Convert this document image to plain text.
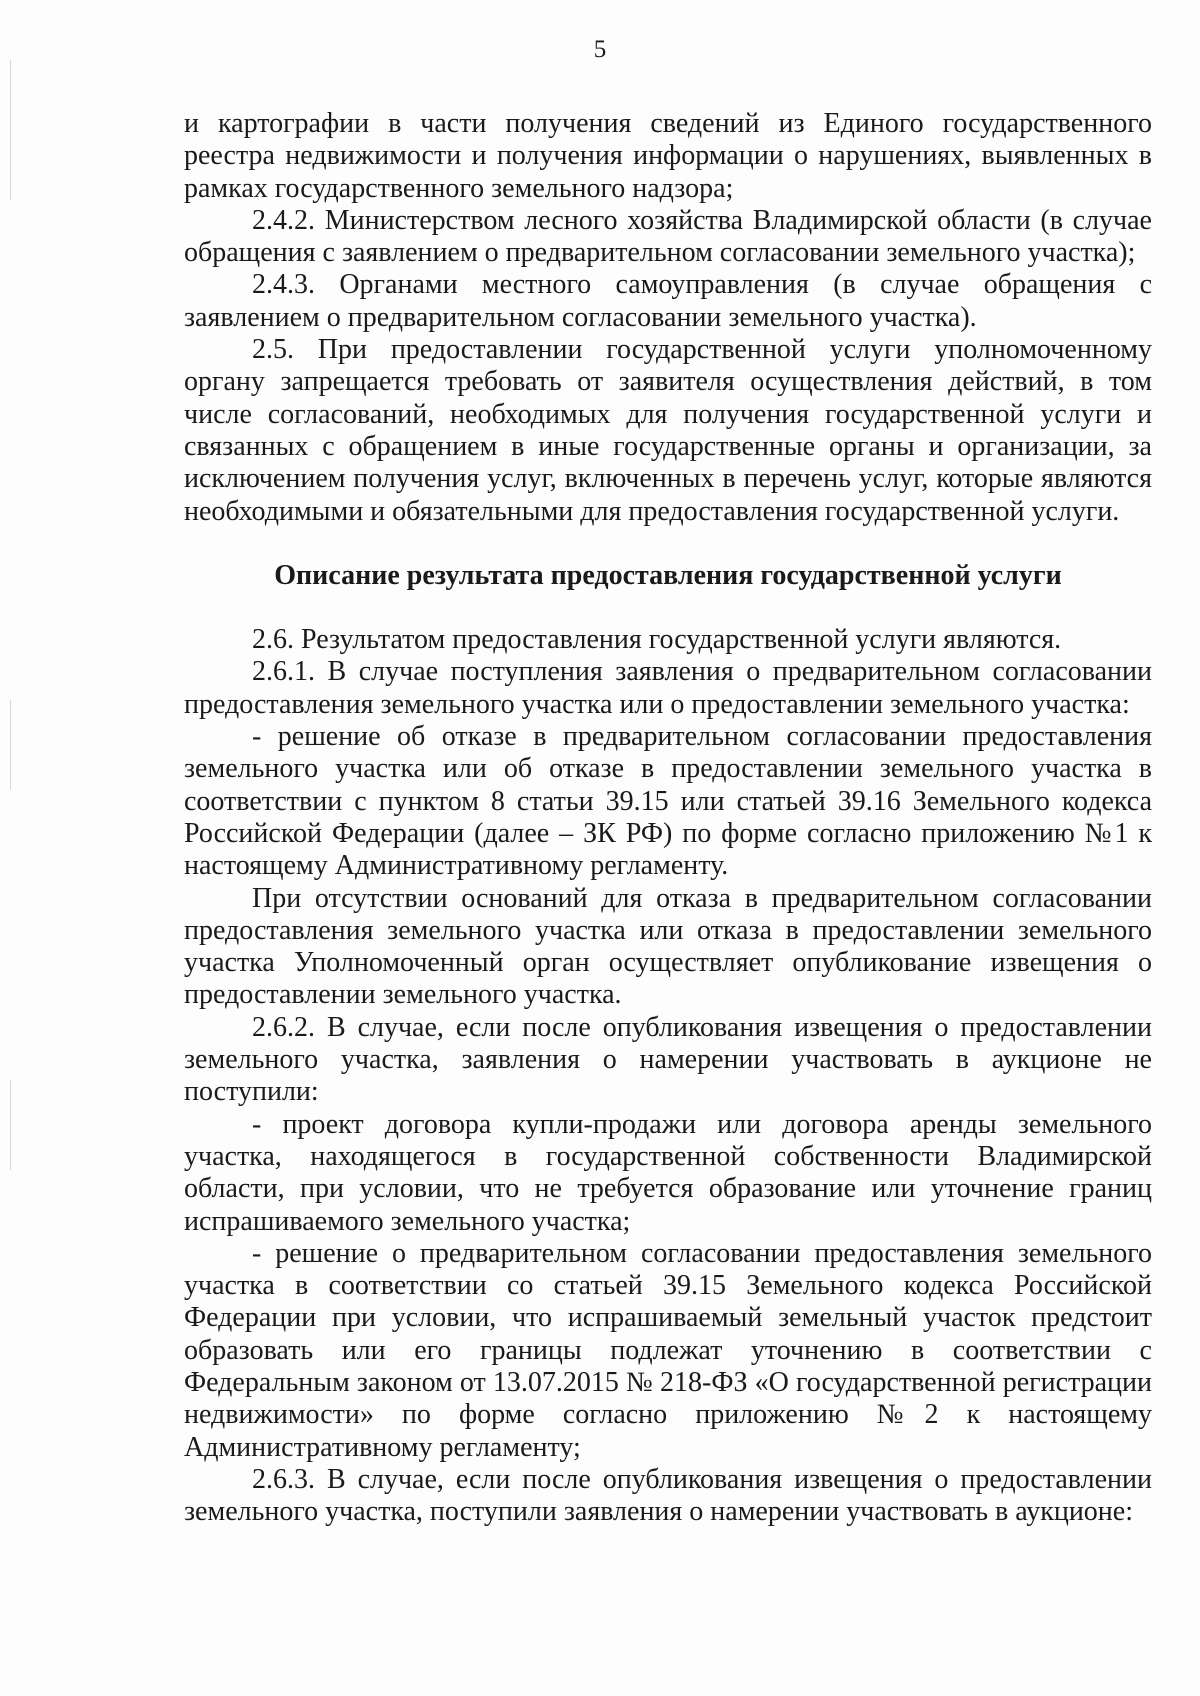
5

и картографии в части получения сведений из Единого государственного реестра недвижимости и получения информации о нарушениях, выявленных в рамках государственного земельного надзора;

2.4.2. Министерством лесного хозяйства Владимирской области (в случае обращения с заявлением о предварительном согласовании земельного участка);

2.4.3. Органами местного самоуправления (в случае обращения с заявлением о предварительном согласовании земельного участка).

2.5. При предоставлении государственной услуги уполномоченному органу запрещается требовать от заявителя осуществления действий, в том числе согласований, необходимых для получения государственной услуги и связанных с обращением в иные государственные органы и организации, за исключением получения услуг, включенных в перечень услуг, которые являются необходимыми и обязательными для предоставления государственной услуги.

Описание результата предоставления государственной услуги

2.6. Результатом предоставления государственной услуги являются.

2.6.1. В случае поступления заявления о предварительном согласовании предоставления земельного участка или о предоставлении земельного участка:

- решение об отказе в предварительном согласовании предоставления земельного участка или об отказе в предоставлении земельного участка в соответствии с пунктом 8 статьи 39.15 или статьей 39.16 Земельного кодекса Российской Федерации (далее – ЗК РФ) по форме согласно приложению №1 к настоящему Административному регламенту.

При отсутствии оснований для отказа в предварительном согласовании предоставления земельного участка или отказа в предоставлении земельного участка Уполномоченный орган осуществляет опубликование извещения о предоставлении земельного участка.

2.6.2. В случае, если после опубликования извещения о предоставлении земельного участка, заявления о намерении участвовать в аукционе не поступили:

- проект договора купли-продажи или договора аренды земельного участка, находящегося в государственной собственности Владимирской области, при условии, что не требуется образование или уточнение границ испрашиваемого земельного участка;

- решение о предварительном согласовании предоставления земельного участка в соответствии со статьей 39.15 Земельного кодекса Российской Федерации при условии, что испрашиваемый земельный участок предстоит образовать или его границы подлежат уточнению в соответствии с Федеральным законом от 13.07.2015 № 218-ФЗ «О государственной регистрации недвижимости» по форме согласно приложению №2 к настоящему Административному регламенту;

2.6.3. В случае, если после опубликования извещения о предоставлении земельного участка, поступили заявления о намерении участвовать в аукционе:
